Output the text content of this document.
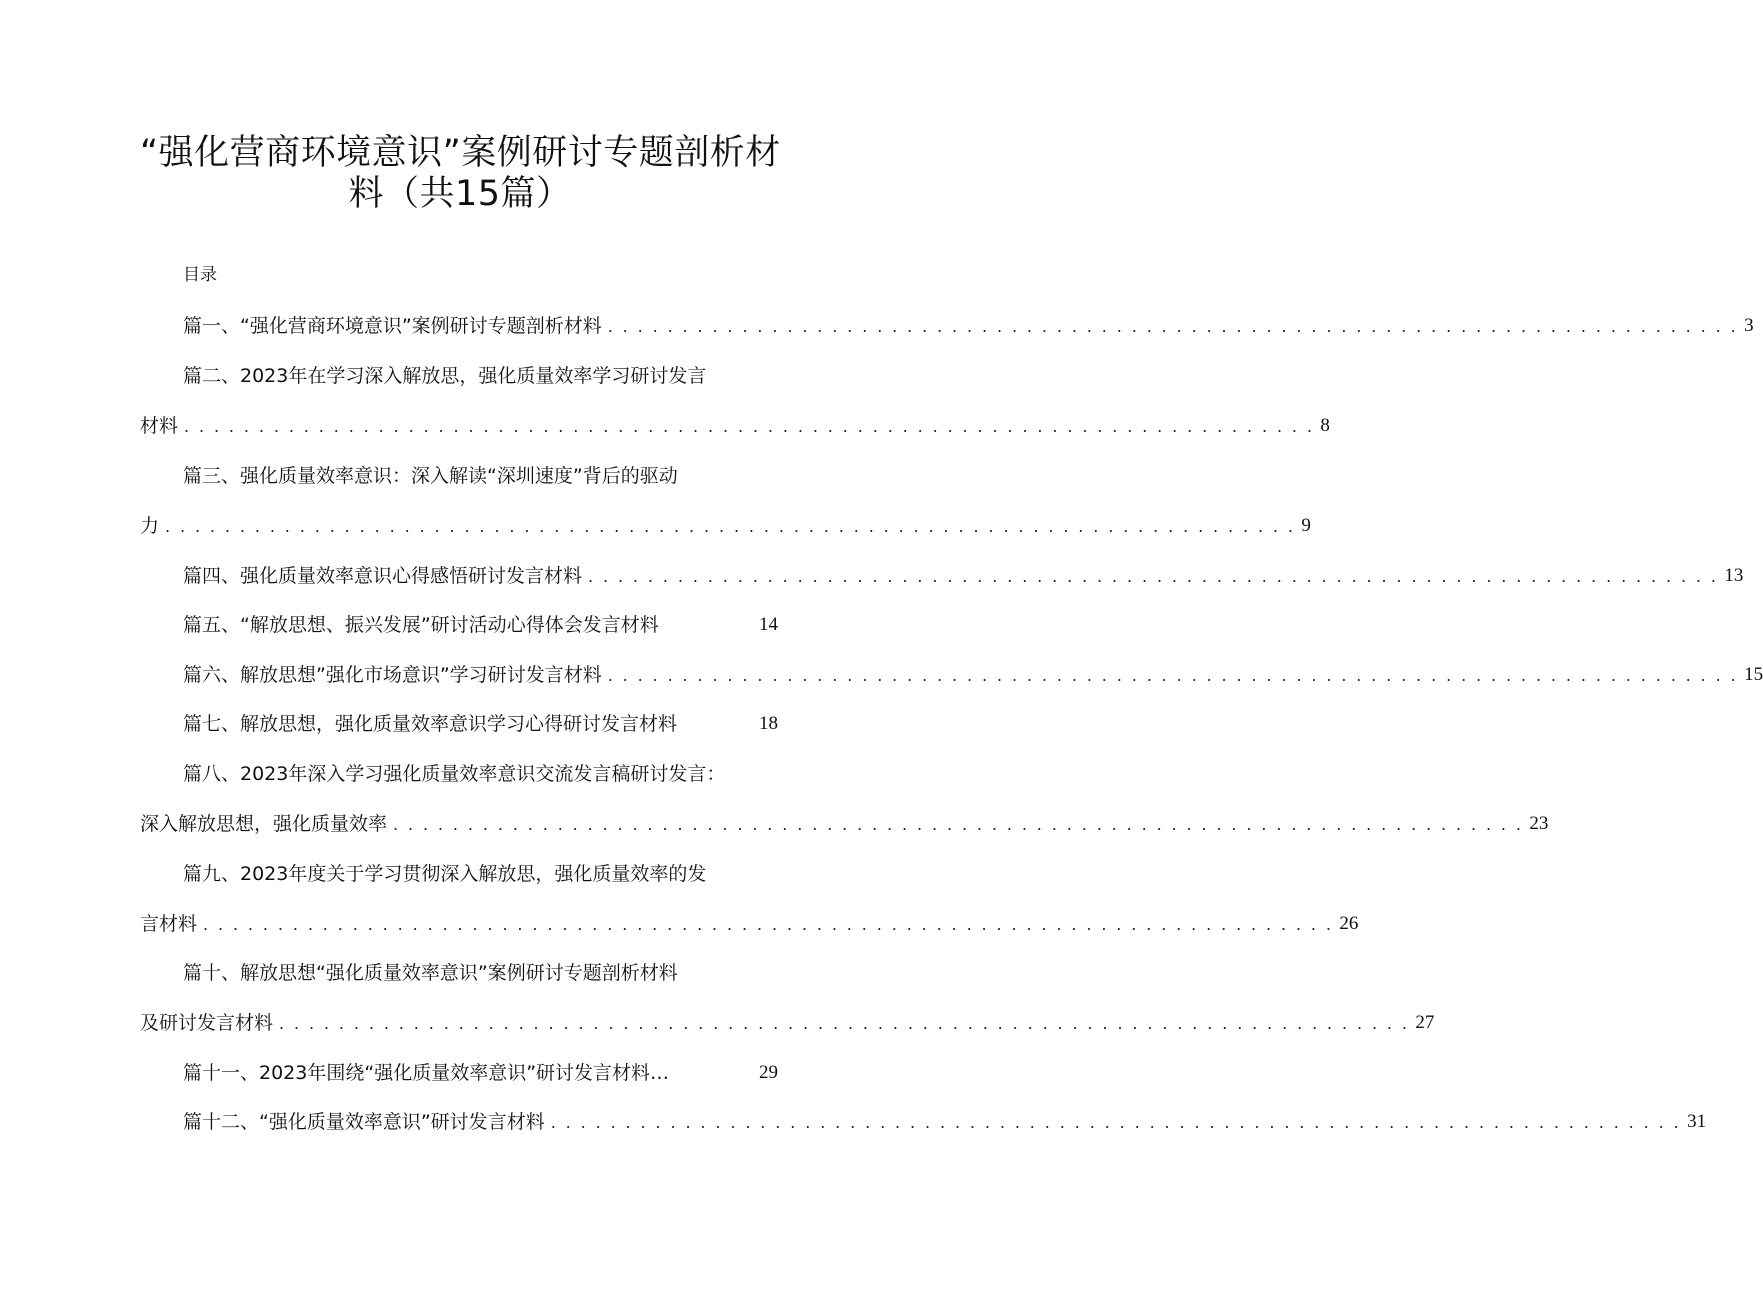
“强化营商环境意识”案例研讨专题剖析材
料（共15篇）
目录
篇一、“强化营商环境意识”案例研讨专题剖析材料 . . . . . . . . . . . . . . . . . . . . . . . . . . . . . . . . . . . . . . . . . . . . . . . . . . . . . . . . . . . . . . . . . . . . . . . . . . . . 3
篇二、2023年在学习深入解放思，强化质量效率学习研讨发言
材料 . . . . . . . . . . . . . . . . . . . . . . . . . . . . . . . . . . . . . . . . . . . . . . . . . . . . . . . . . . . . . . . . . . . . . . . . . . . . 8
篇三、强化质量效率意识：深入解读“深圳速度”背后的驱动
力 . . . . . . . . . . . . . . . . . . . . . . . . . . . . . . . . . . . . . . . . . . . . . . . . . . . . . . . . . . . . . . . . . . . . . . . . . . . . 9
篇四、强化质量效率意识心得感悟研讨发言材料 . . . . . . . . . . . . . . . . . . . . . . . . . . . . . . . . . . . . . . . . . . . . . . . . . . . . . . . . . . . . . . . . . . . . . . . . . . . . 13
篇五、“解放思想、振兴发展”研讨活动心得体会发言材料	14
篇六、解放思想”强化市场意识”学习研讨发言材料 . . . . . . . . . . . . . . . . . . . . . . . . . . . . . . . . . . . . . . . . . . . . . . . . . . . . . . . . . . . . . . . . . . . . . . . . . . . . 15
篇七、解放思想，强化质量效率意识学习心得研讨发言材料	18
篇八、2023年深入学习强化质量效率意识交流发言稿研讨发言：
深入解放思想，强化质量效率 . . . . . . . . . . . . . . . . . . . . . . . . . . . . . . . . . . . . . . . . . . . . . . . . . . . . . . . . . . . . . . . . . . . . . . . . . . . . 23
篇九、2023年度关于学习贯彻深入解放思，强化质量效率的发
言材料 . . . . . . . . . . . . . . . . . . . . . . . . . . . . . . . . . . . . . . . . . . . . . . . . . . . . . . . . . . . . . . . . . . . . . . . . . . . . 26
篇十、解放思想“强化质量效率意识”案例研讨专题剖析材料
及研讨发言材料 . . . . . . . . . . . . . . . . . . . . . . . . . . . . . . . . . . . . . . . . . . . . . . . . . . . . . . . . . . . . . . . . . . . . . . . . . . . . 27
篇十一、2023年围绕“强化质量效率意识”研讨发言材料…	29
篇十二、“强化质量效率意识”研讨发言材料 . . . . . . . . . . . . . . . . . . . . . . . . . . . . . . . . . . . . . . . . . . . . . . . . . . . . . . . . . . . . . . . . . . . . . . . . . . . . 31
